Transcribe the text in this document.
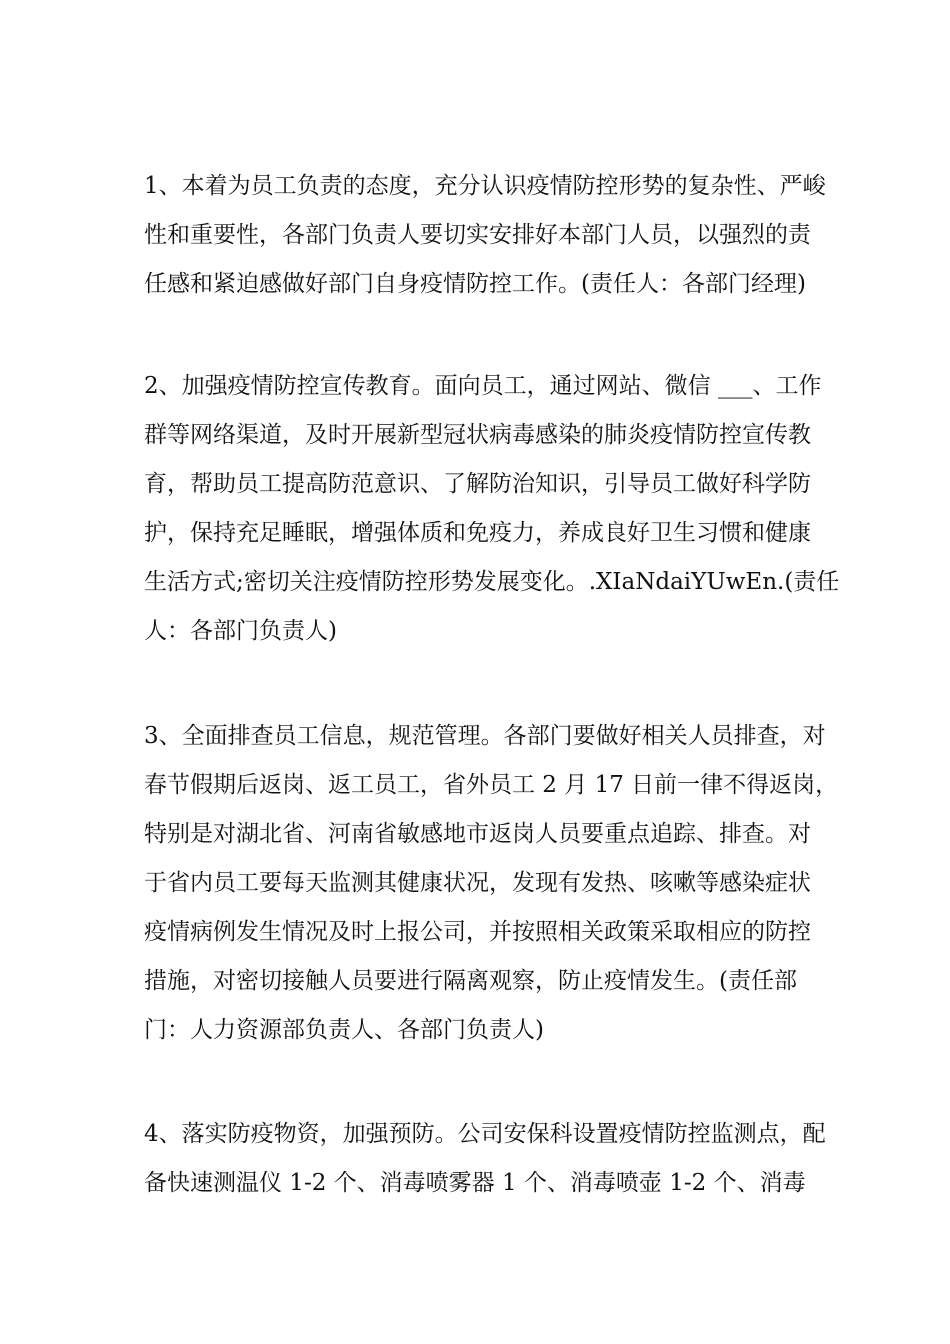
1、本着为员工负责的态度，充分认识疫情防控形势的复杂性、严峻
性和重要性，各部门负责人要切实安排好本部门人员，以强烈的责
任感和紧迫感做好部门自身疫情防控工作。(责任人：各部门经理)
2、加强疫情防控宣传教育。面向员工，通过网站、微信 ___、工作
群等网络渠道，及时开展新型冠状病毒感染的肺炎疫情防控宣传教
育，帮助员工提高防范意识、了解防治知识，引导员工做好科学防
护，保持充足睡眠，增强体质和免疫力，养成良好卫生习惯和健康
生活方式;密切关注疫情防控形势发展变化。.XIaNdaiYUwEn.(责任
人：各部门负责人)
3、全面排查员工信息，规范管理。各部门要做好相关人员排查，对
春节假期后返岗、返工员工，省外员工 2 月 17 日前一律不得返岗，
特别是对湖北省、河南省敏感地市返岗人员要重点追踪、排查。对
于省内员工要每天监测其健康状况，发现有发热、咳嗽等感染症状
疫情病例发生情况及时上报公司，并按照相关政策采取相应的防控
措施，对密切接触人员要进行隔离观察，防止疫情发生。(责任部
门：人力资源部负责人、各部门负责人)
4、落实防疫物资，加强预防。公司安保科设置疫情防控监测点，配
备快速测温仪 1-2 个、消毒喷雾器 1 个、消毒喷壶 1-2 个、消毒
